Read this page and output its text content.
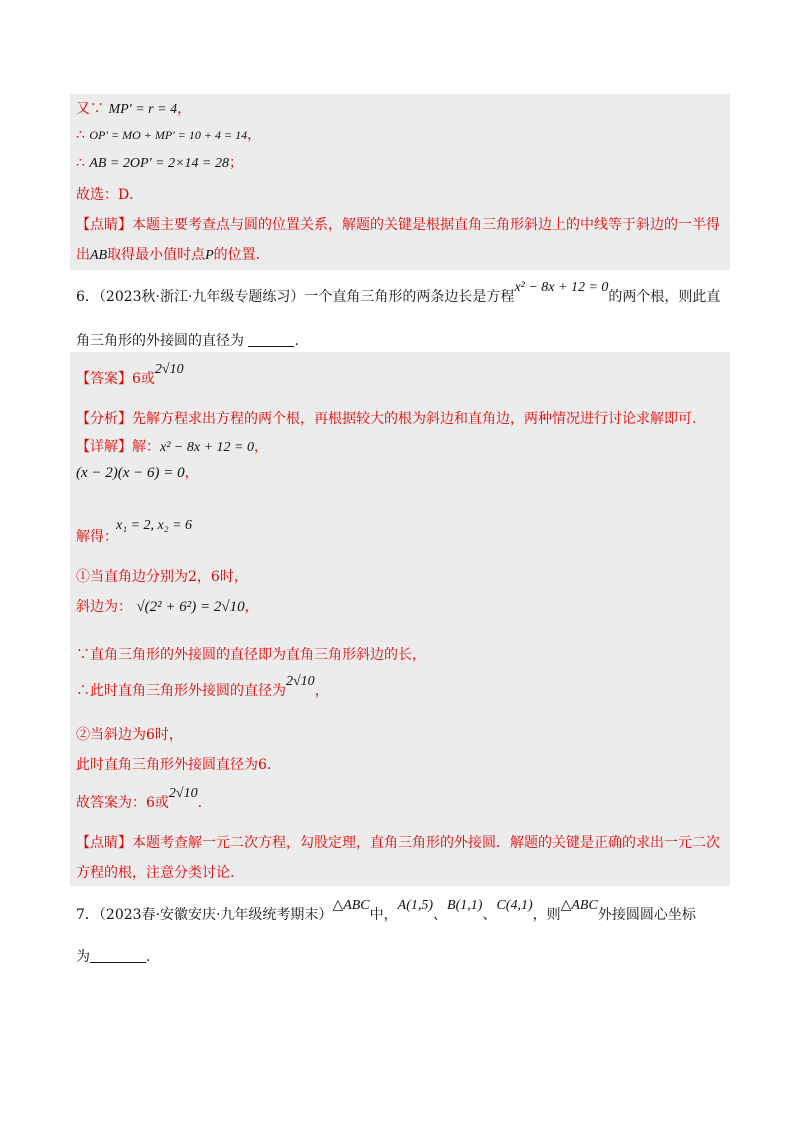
又∵ MP′ = r = 4，
∴ OP′ = MO + MP′ = 10 + 4 = 14，
∴ AB = 2OP′ = 2×14 = 28；
故选：D．
【点睛】本题主要考查点与圆的位置关系，解题的关键是根据直角三角形斜边上的中线等于斜边的一半得
出AB取得最小值时点P的位置.
6．（2023秋·浙江·九年级专题练习）一个直角三角形的两条边长是方程x² − 8x + 12 = 0的两个根，则此直
角三角形的外接圆的直径为	．
【答案】6或2√10
【分析】先解方程求出方程的两个根，再根据较大的根为斜边和直角边，两种情况进行讨论求解即可.
【详解】解：x² − 8x + 12 = 0，
(x − 2)(x − 6) = 0，
x₁ = 2, x₂ = 6
解得：
①当直角边分别为2，6时，
斜边为： √(2² + 6²) = 2√10，
∵直角三角形的外接圆的直径即为直角三角形斜边的长，
∴此时直角三角形外接圆的直径为2√10，
②当斜边为6时，
此时直角三角形外接圆直径为6.
故答案为：6或2√10.
【点睛】本题考查解一元二次方程，勾股定理，直角三角形的外接圆．解题的关键是正确的求出一元二次
方程的根，注意分类讨论.
7．（2023春·安徽安庆·九年级统考期末）△ABC中，A(1,5)、B(1,1)、C(4,1)，则△ABC外接圆圆心坐标
为	.
